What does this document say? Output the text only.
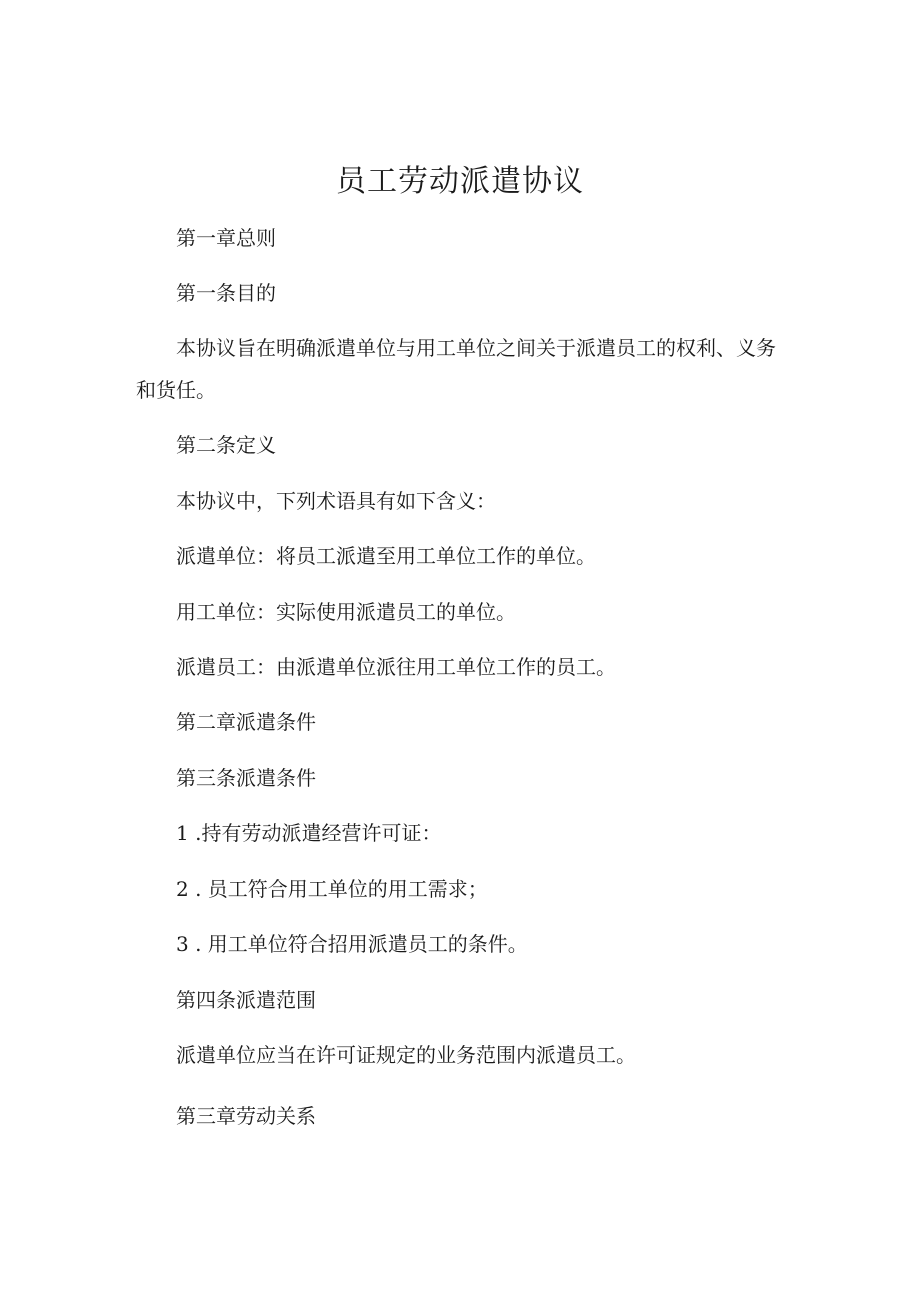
员工劳动派遣协议

第一章总则

第一条目的

本协议旨在明确派遣单位与用工单位之间关于派遣员工的权利、义务和货任。

第二条定义

本协议中，下列术语具有如下含义：

派遣单位：将员工派遣至用工单位工作的单位。

用工单位：实际使用派遣员工的单位。

派遣员工：由派遣单位派往用工单位工作的员工。

第二章派遣条件

第三条派遣条件

1 .持有劳动派遣经营许可证：

2 . 员工符合用工单位的用工需求；

3 . 用工单位符合招用派遣员工的条件。

第四条派遣范围

派遣单位应当在许可证规定的业务范围内派遣员工。

第三章劳动关系
